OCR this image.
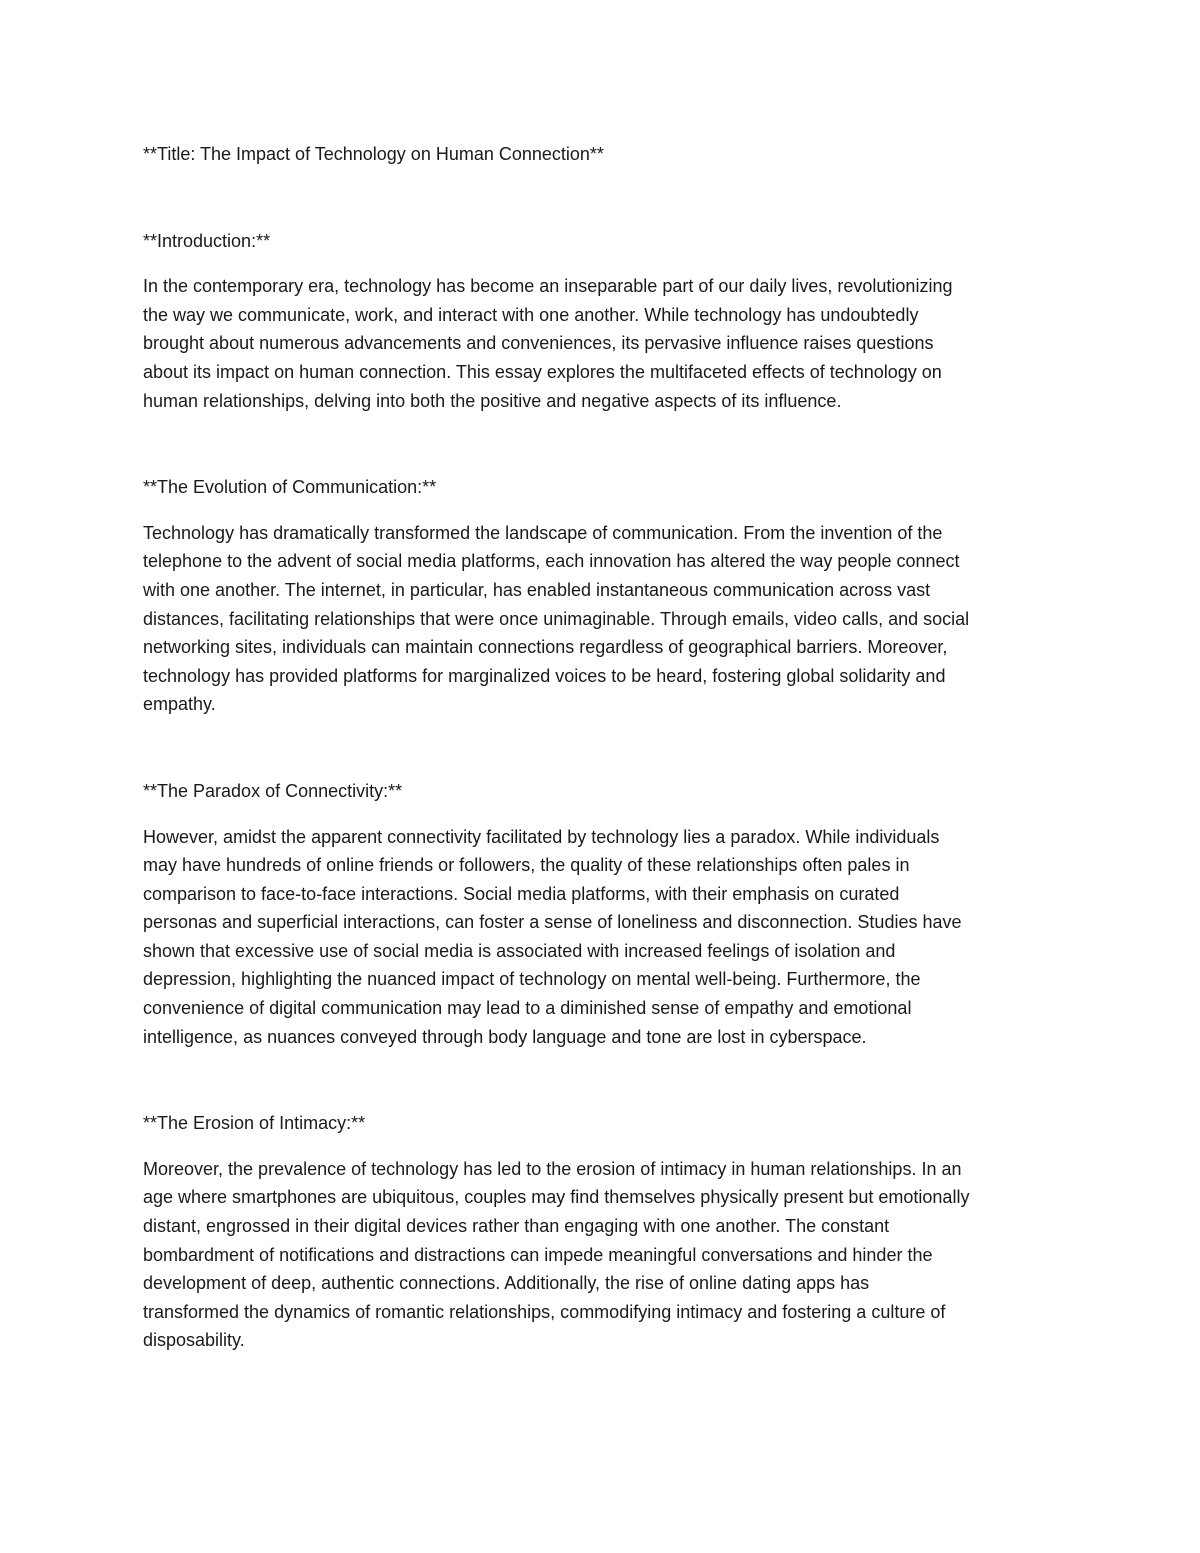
**Title: The Impact of Technology on Human Connection**

**Introduction:**

In the contemporary era, technology has become an inseparable part of our daily lives, revolutionizing

the way we communicate, work, and interact with one another. While technology has undoubtedly

brought about numerous advancements and conveniences, its pervasive influence raises questions

about its impact on human connection. This essay explores the multifaceted effects of technology on

human relationships, delving into both the positive and negative aspects of its influence.

**The Evolution of Communication:**

Technology has dramatically transformed the landscape of communication. From the invention of the

telephone to the advent of social media platforms, each innovation has altered the way people connect

with one another. The internet, in particular, has enabled instantaneous communication across vast

distances, facilitating relationships that were once unimaginable. Through emails, video calls, and social

networking sites, individuals can maintain connections regardless of geographical barriers. Moreover,

technology has provided platforms for marginalized voices to be heard, fostering global solidarity and

empathy.

**The Paradox of Connectivity:**

However, amidst the apparent connectivity facilitated by technology lies a paradox. While individuals

may have hundreds of online friends or followers, the quality of these relationships often pales in

comparison to face-to-face interactions. Social media platforms, with their emphasis on curated

personas and superficial interactions, can foster a sense of loneliness and disconnection. Studies have

shown that excessive use of social media is associated with increased feelings of isolation and

depression, highlighting the nuanced impact of technology on mental well-being. Furthermore, the

convenience of digital communication may lead to a diminished sense of empathy and emotional

intelligence, as nuances conveyed through body language and tone are lost in cyberspace.

**The Erosion of Intimacy:**

Moreover, the prevalence of technology has led to the erosion of intimacy in human relationships. In an

age where smartphones are ubiquitous, couples may find themselves physically present but emotionally

distant, engrossed in their digital devices rather than engaging with one another. The constant

bombardment of notifications and distractions can impede meaningful conversations and hinder the

development of deep, authentic connections. Additionally, the rise of online dating apps has

transformed the dynamics of romantic relationships, commodifying intimacy and fostering a culture of

disposability.
